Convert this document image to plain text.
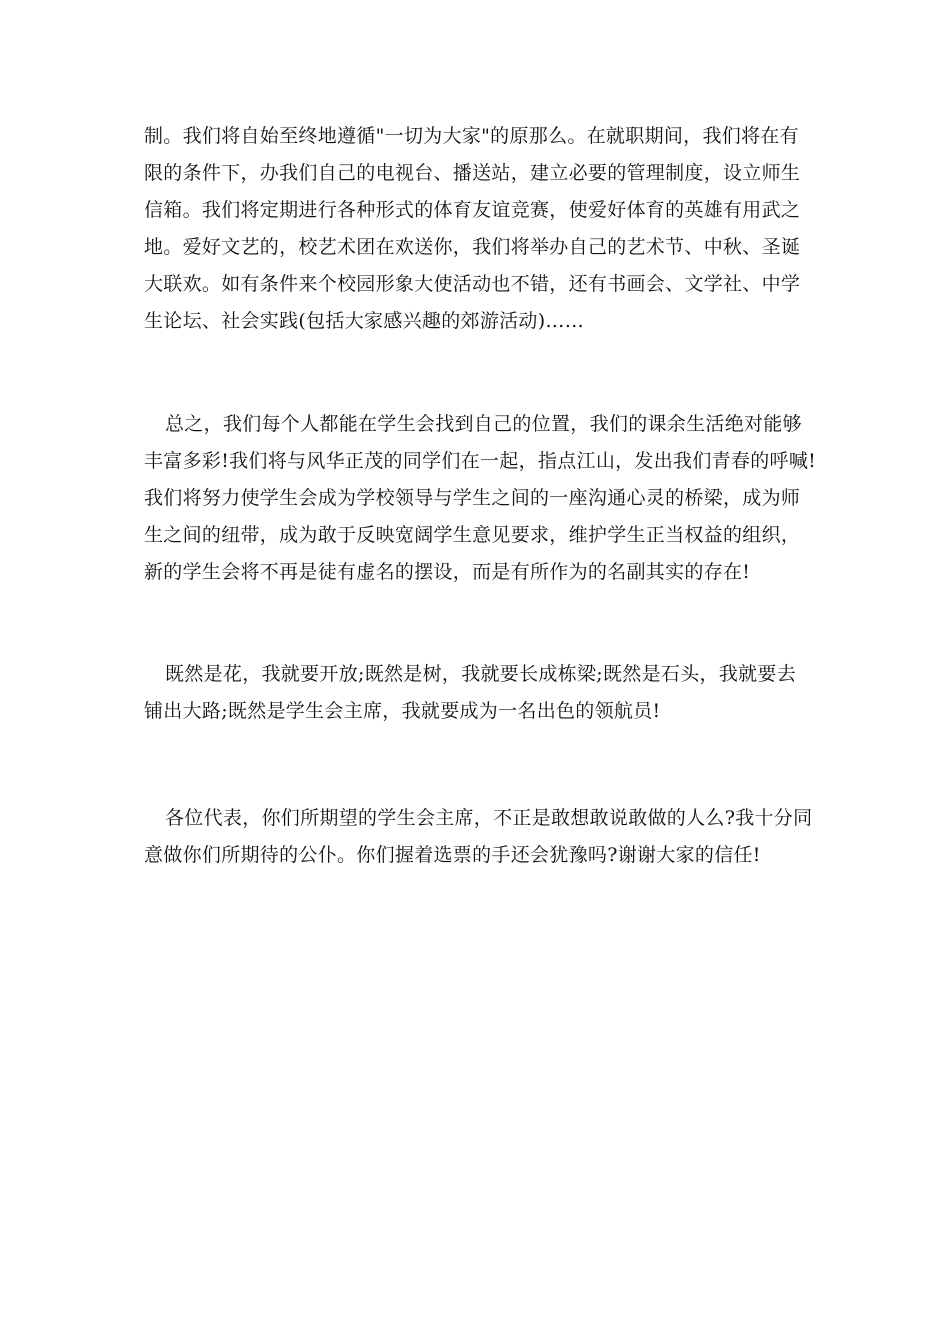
制。我们将自始至终地遵循"一切为大家"的原那么。在就职期间，我们将在有
限的条件下，办我们自己的电视台、播送站，建立必要的管理制度，设立师生
信箱。我们将定期进行各种形式的体育友谊竞赛，使爱好体育的英雄有用武之
地。爱好文艺的，校艺术团在欢送你，我们将举办自己的艺术节、中秋、圣诞
大联欢。如有条件来个校园形象大使活动也不错，还有书画会、文学社、中学
生论坛、社会实践(包括大家感兴趣的郊游活动)……
总之，我们每个人都能在学生会找到自己的位置，我们的课余生活绝对能够
丰富多彩!我们将与风华正茂的同学们在一起，指点江山，发出我们青春的呼喊!
我们将努力使学生会成为学校领导与学生之间的一座沟通心灵的桥梁，成为师
生之间的纽带，成为敢于反映宽阔学生意见要求，维护学生正当权益的组织，
新的学生会将不再是徒有虚名的摆设，而是有所作为的名副其实的存在!
既然是花，我就要开放;既然是树，我就要长成栋梁;既然是石头，我就要去
铺出大路;既然是学生会主席，我就要成为一名出色的领航员!
各位代表，你们所期望的学生会主席，不正是敢想敢说敢做的人么?我十分同
意做你们所期待的公仆。你们握着选票的手还会犹豫吗?谢谢大家的信任!
